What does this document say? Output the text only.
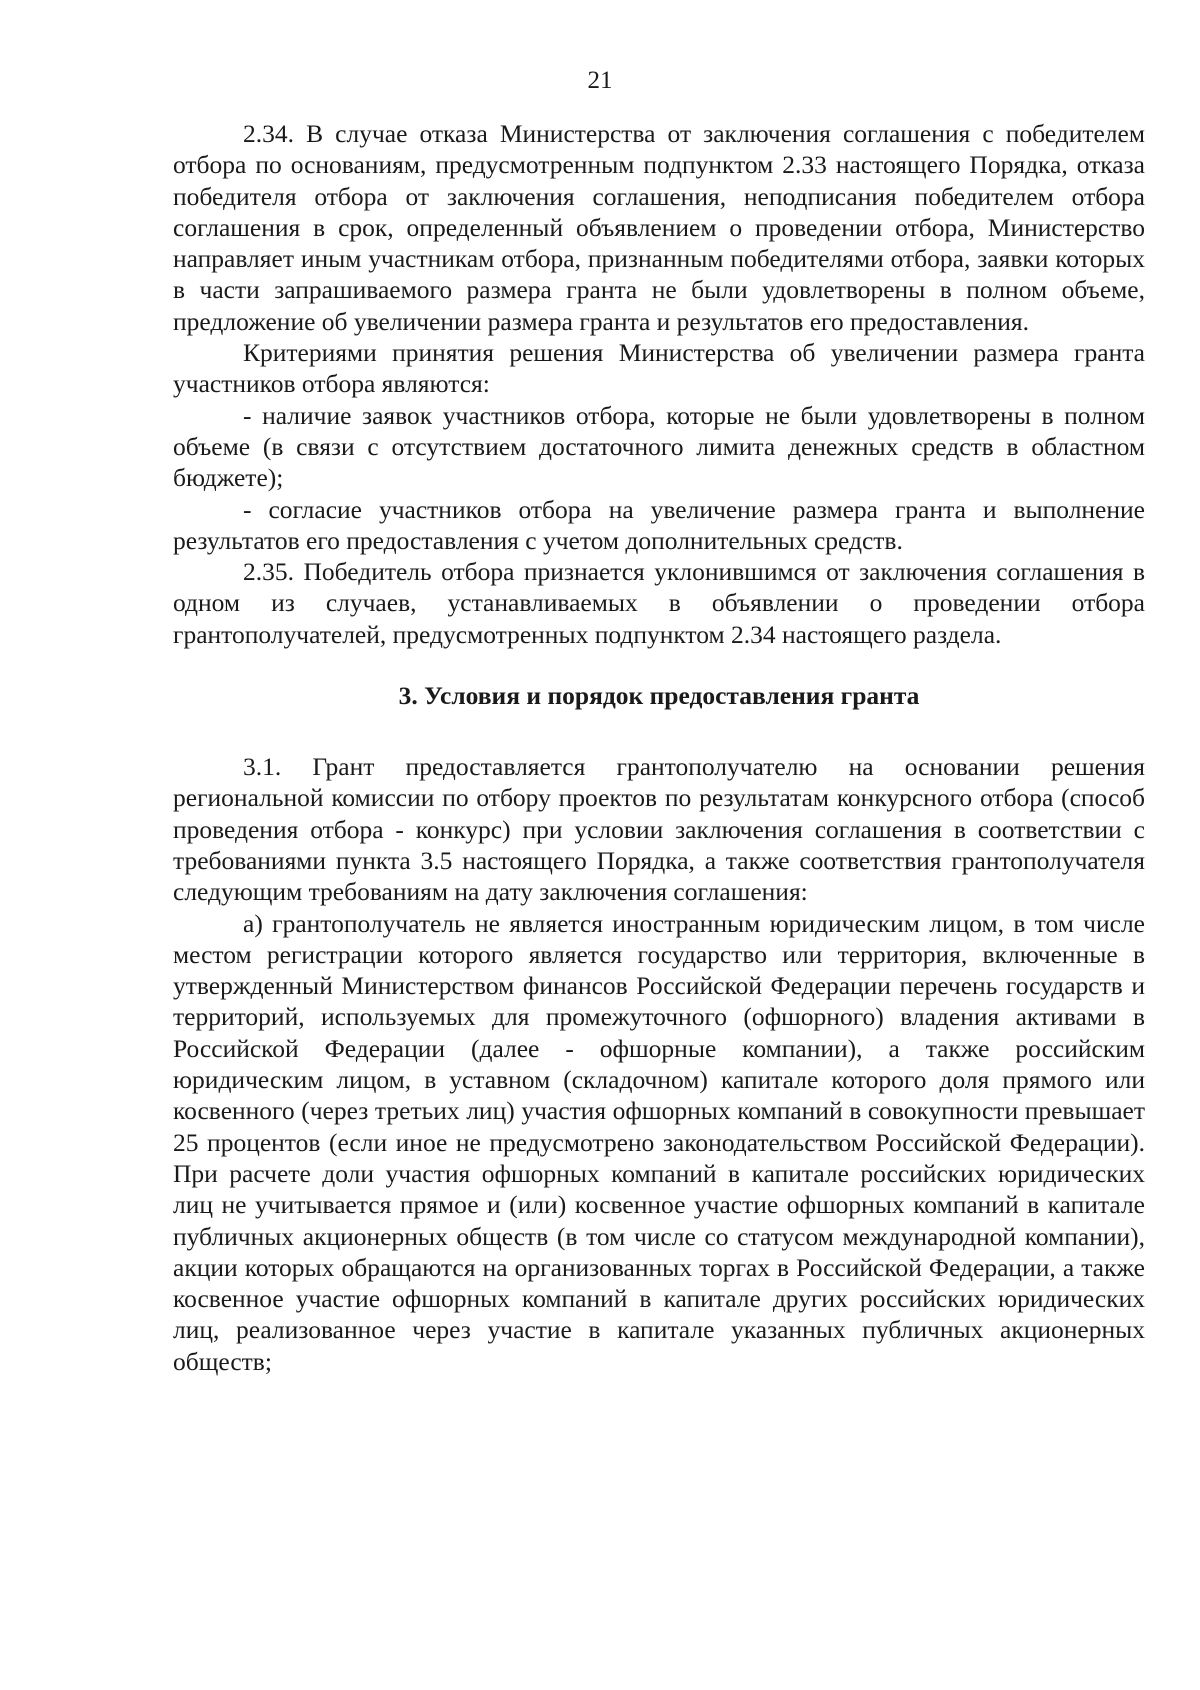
21

2.34. В случае отказа Министерства от заключения соглашения с победителем отбора по основаниям, предусмотренным подпунктом 2.33 настоящего Порядка, отказа победителя отбора от заключения соглашения, неподписания победителем отбора соглашения в срок, определенный объявлением о проведении отбора, Министерство направляет иным участникам отбора, признанным победителями отбора, заявки которых в части запрашиваемого размера гранта не были удовлетворены в полном объеме, предложение об увеличении размера гранта и результатов его предоставления.

Критериями принятия решения Министерства об увеличении размера гранта участников отбора являются:

- наличие заявок участников отбора, которые не были удовлетворены в полном объеме (в связи с отсутствием достаточного лимита денежных средств в областном бюджете);

- согласие участников отбора на увеличение размера гранта и выполнение результатов его предоставления с учетом дополнительных средств.

2.35. Победитель отбора признается уклонившимся от заключения соглашения в одном из случаев, устанавливаемых в объявлении о проведении отбора грантополучателей, предусмотренных подпунктом 2.34 настоящего раздела.

3. Условия и порядок предоставления гранта

3.1. Грант предоставляется грантополучателю на основании решения региональной комиссии по отбору проектов по результатам конкурсного отбора (способ проведения отбора - конкурс) при условии заключения соглашения в соответствии с требованиями пункта 3.5 настоящего Порядка, а также соответствия грантополучателя следующим требованиям на дату заключения соглашения:

а) грантополучатель не является иностранным юридическим лицом, в том числе местом регистрации которого является государство или территория, включенные в утвержденный Министерством финансов Российской Федерации перечень государств и территорий, используемых для промежуточного (офшорного) владения активами в Российской Федерации (далее - офшорные компании), а также российским юридическим лицом, в уставном (складочном) капитале которого доля прямого или косвенного (через третьих лиц) участия офшорных компаний в совокупности превышает 25 процентов (если иное не предусмотрено законодательством Российской Федерации). При расчете доли участия офшорных компаний в капитале российских юридических лиц не учитывается прямое и (или) косвенное участие офшорных компаний в капитале публичных акционерных обществ (в том числе со статусом международной компании), акции которых обращаются на организованных торгах в Российской Федерации, а также косвенное участие офшорных компаний в капитале других российских юридических лиц, реализованное через участие в капитале указанных публичных акционерных обществ;
